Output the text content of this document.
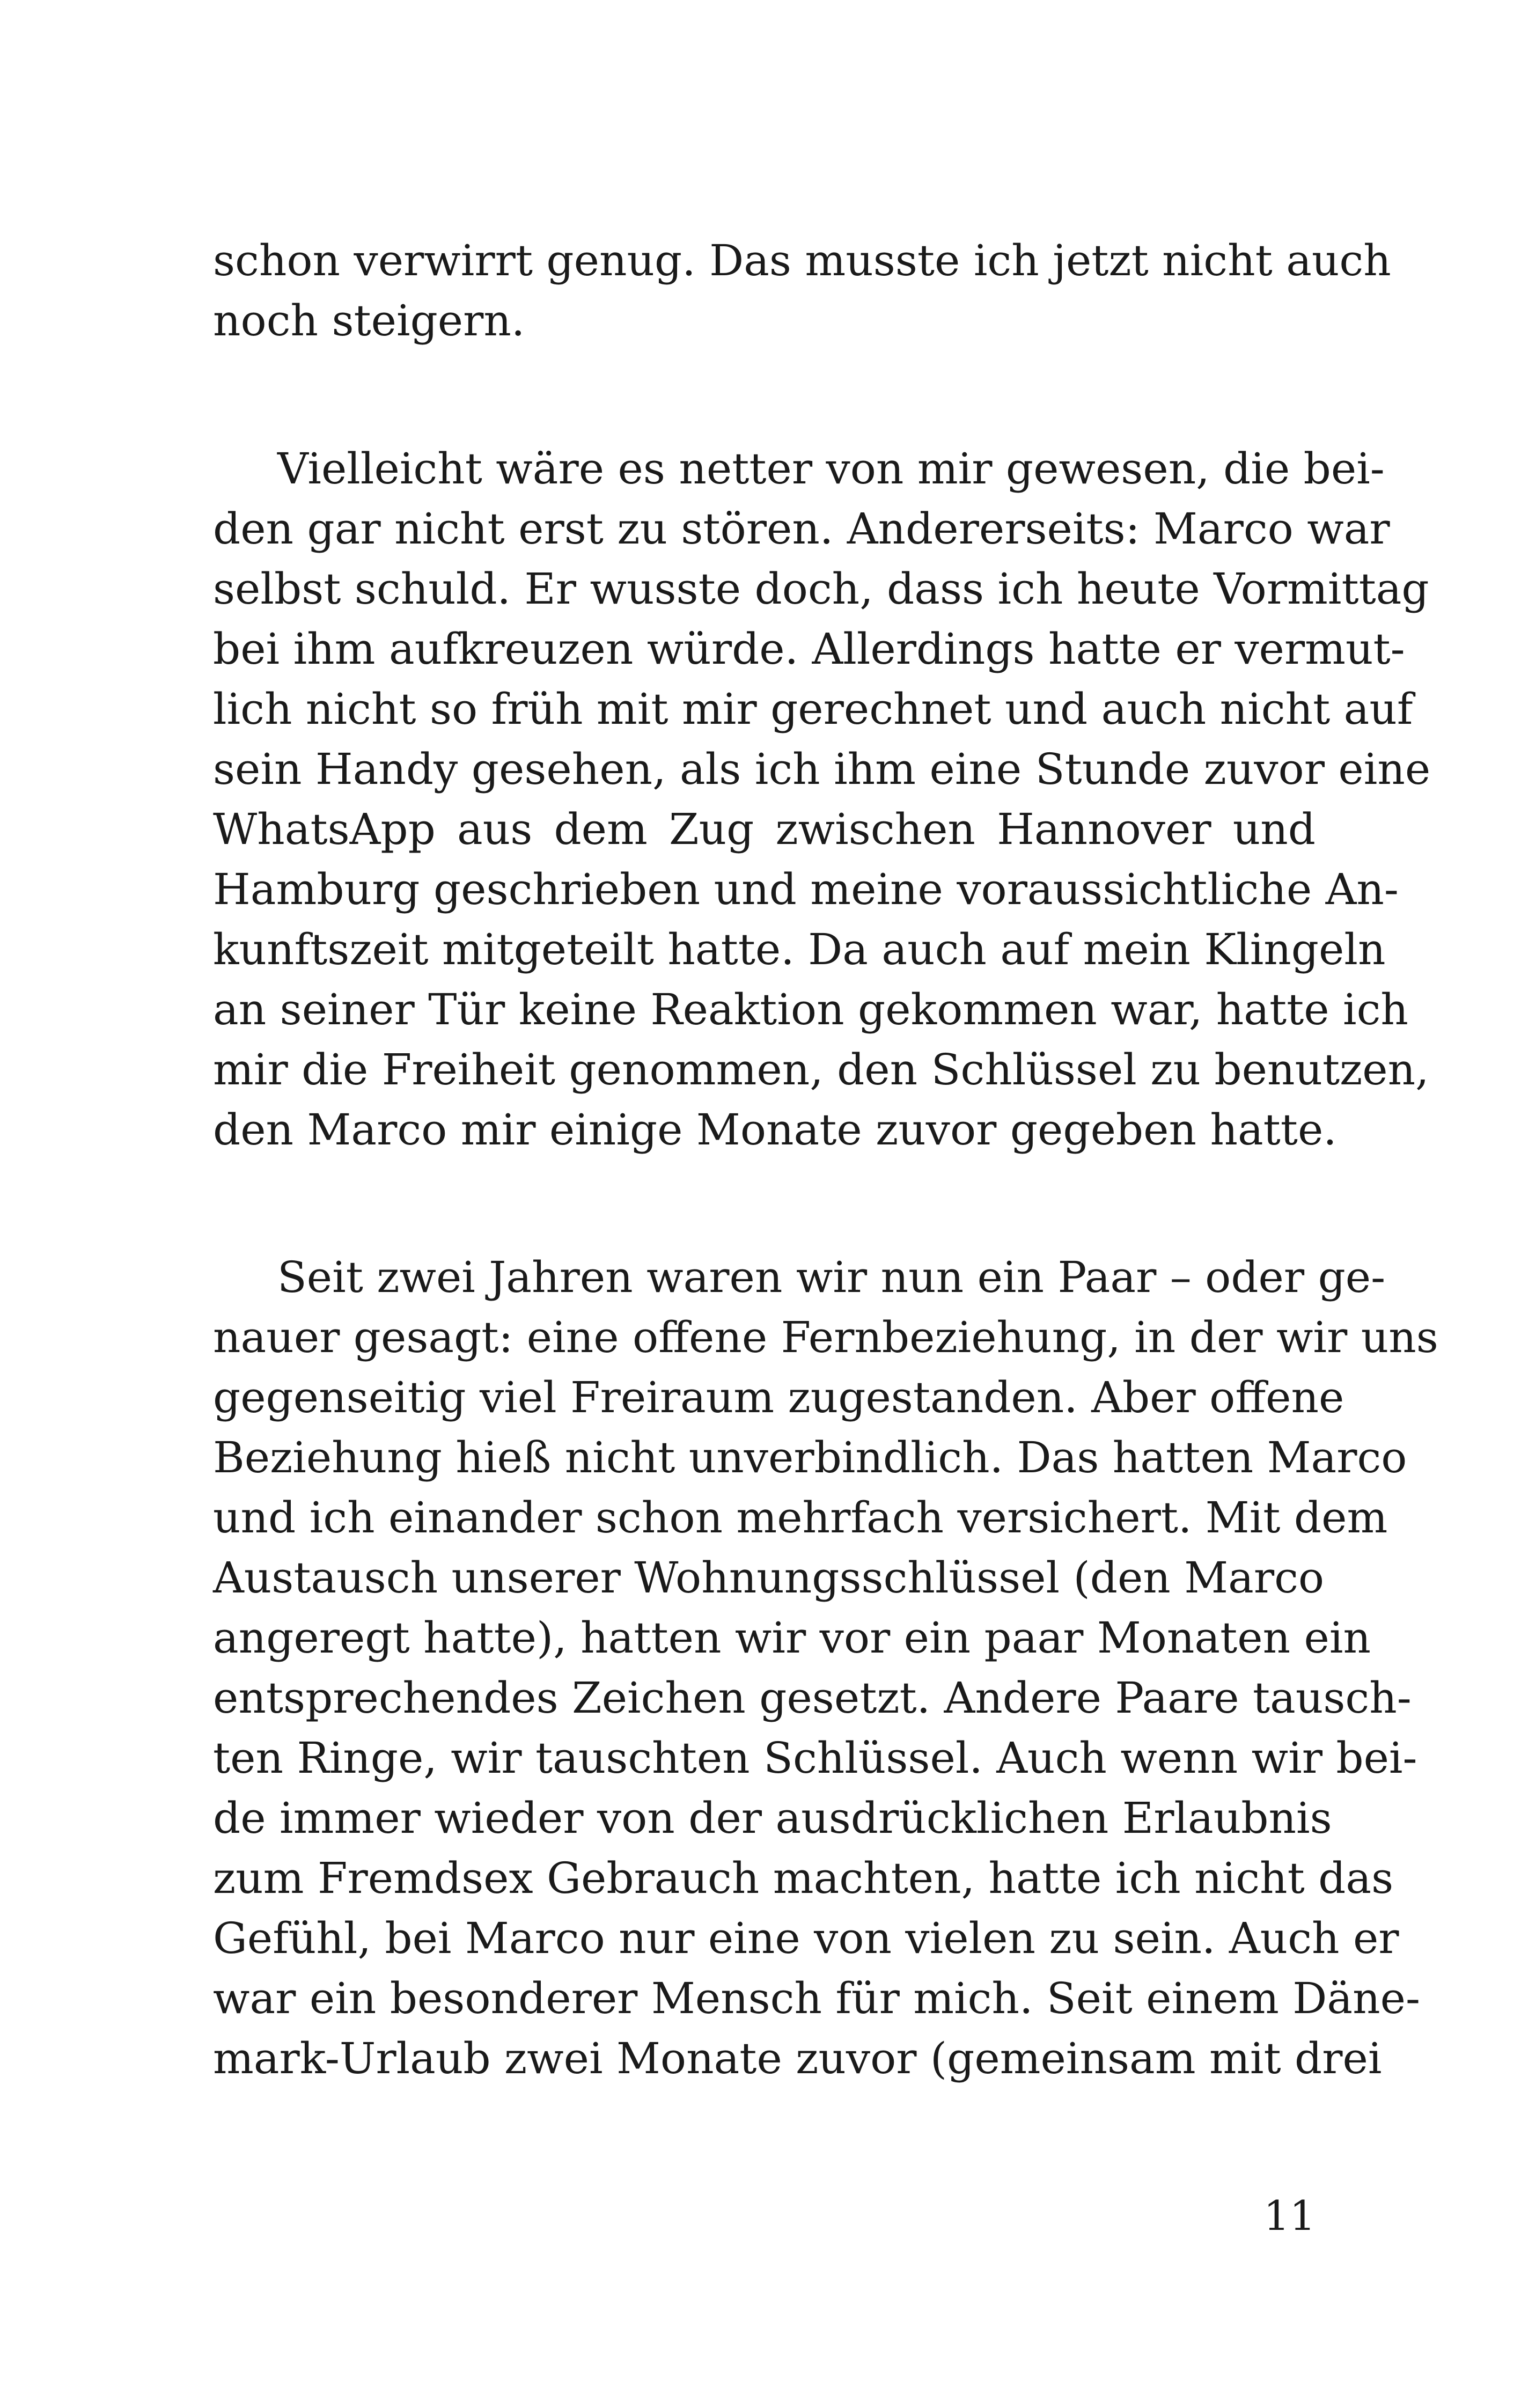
schon verwirrt genug. Das musste ich jetzt nicht auch
noch steigern.
Vielleicht wäre es netter von mir gewesen, die bei-
den gar nicht erst zu stören. Andererseits: Marco war
selbst schuld. Er wusste doch, dass ich heute Vormittag
bei ihm aufkreuzen würde. Allerdings hatte er vermut-
lich nicht so früh mit mir gerechnet und auch nicht auf
sein Handy gesehen, als ich ihm eine Stunde zuvor eine
WhatsApp aus dem Zug zwischen Hannover und
Hamburg geschrieben und meine voraussichtliche An-
kunftszeit mitgeteilt hatte. Da auch auf mein Klingeln
an seiner Tür keine Reaktion gekommen war, hatte ich
mir die Freiheit genommen, den Schlüssel zu benutzen,
den Marco mir einige Monate zuvor gegeben hatte.
Seit zwei Jahren waren wir nun ein Paar – oder ge-
nauer gesagt: eine offene Fernbeziehung, in der wir uns
gegenseitig viel Freiraum zugestanden. Aber offene
Beziehung hieß nicht unverbindlich. Das hatten Marco
und ich einander schon mehrfach versichert. Mit dem
Austausch unserer Wohnungsschlüssel (den Marco
angeregt hatte), hatten wir vor ein paar Monaten ein
entsprechendes Zeichen gesetzt. Andere Paare tausch-
ten Ringe, wir tauschten Schlüssel. Auch wenn wir bei-
de immer wieder von der ausdrücklichen Erlaubnis
zum Fremdsex Gebrauch machten, hatte ich nicht das
Gefühl, bei Marco nur eine von vielen zu sein. Auch er
war ein besonderer Mensch für mich. Seit einem Däne-
mark-Urlaub zwei Monate zuvor (gemeinsam mit drei
11
